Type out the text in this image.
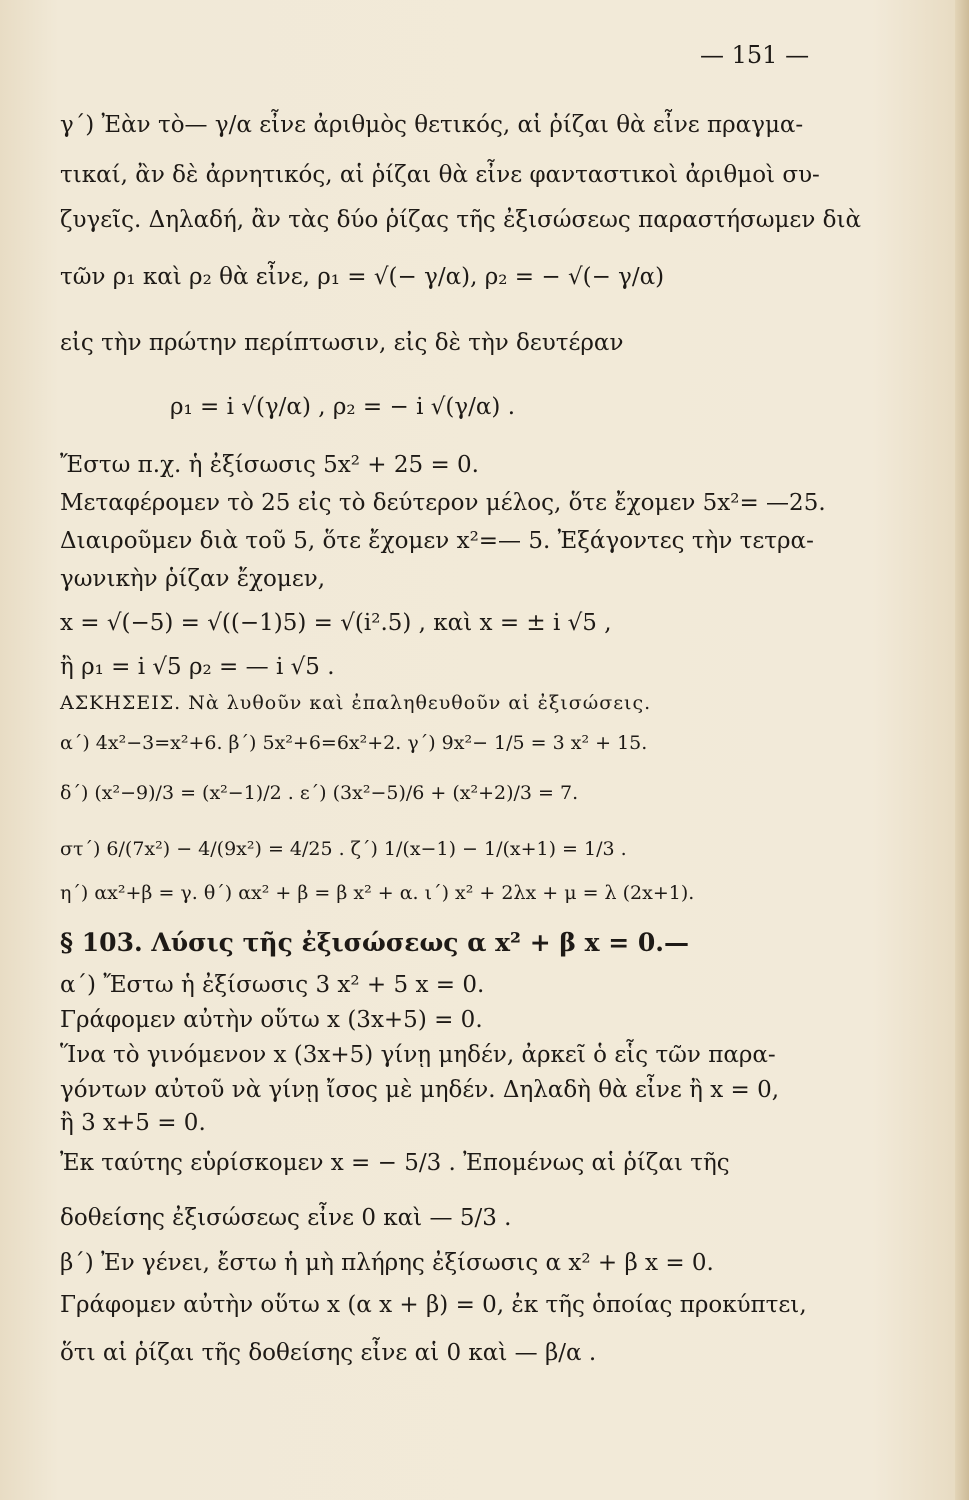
— 151 —
γ΄) Ἐὰν τὸ— γ/α εἶνε ἀριθμὸς θετικός, αἱ ῥίζαι θὰ εἶνε πραγμα-
τικαί, ἂν δὲ ἀρνητικός, αἱ ῥίζαι θὰ εἶνε φανταστικοὶ ἀριθμοὶ συ-
ζυγεῖς. Δηλαδή, ἂν τὰς δύο ῥίζας τῆς ἐξισώσεως παραστήσωμεν διὰ
τῶν ρ₁ καὶ ρ₂ θὰ εἶνε, ρ₁ = √(− γ/α), ρ₂ = − √(− γ/α)
εἰς τὴν πρώτην περίπτωσιν, εἰς δὲ τὴν δευτέραν
ρ₁ = i √(γ/α) , ρ₂ = − i √(γ/α) .
Ἔστω π.χ. ἡ ἐξίσωσις 5x² + 25 = 0.
Μεταφέρομεν τὸ 25 εἰς τὸ δεύτερον μέλος, ὅτε ἔχομεν 5x²= —25.
Διαιροῦμεν διὰ τοῦ 5, ὅτε ἔχομεν x²=— 5. Ἐξάγοντες τὴν τετρα-
γωνικὴν ῥίζαν ἔχομεν,
x = √(−5) = √((−1)5) = √(i².5) , καὶ x = ± i √5 ,
ἢ ρ₁ = i √5 ρ₂ = — i √5 .
ΑΣΚΗΣΕΙΣ. Νὰ λυθοῦν καὶ ἐπαληθευθοῦν αἱ ἐξισώσεις.
α΄) 4x²−3=x²+6. β΄) 5x²+6=6x²+2. γ΄) 9x²− 1/5 = 3 x² + 15.
δ΄) (x²−9)/3 = (x²−1)/2 . ε΄) (3x²−5)/6 + (x²+2)/3 = 7.
στ΄) 6/(7x²) − 4/(9x²) = 4/25 . ζ΄) 1/(x−1) − 1/(x+1) = 1/3 .
η΄) αx²+β = γ. θ΄) αx² + β = β x² + α. ι΄) x² + 2λx + μ = λ (2x+1).
§ 103. Λύσις τῆς ἐξισώσεως α x² + β x = 0.—
α΄) Ἔστω ἡ ἐξίσωσις 3 x² + 5 x = 0.
Γράφομεν αὐτὴν οὕτω x (3x+5) = 0.
Ἵνα τὸ γινόμενον x (3x+5) γίνῃ μηδέν, ἀρκεῖ ὁ εἷς τῶν παρα-
γόντων αὐτοῦ νὰ γίνῃ ἴσος μὲ μηδέν. Δηλαδὴ θὰ εἶνε ἢ x = 0,
ἢ 3 x+5 = 0.
Ἐκ ταύτης εὑρίσκομεν x = − 5/3 . Ἐπομένως αἱ ῥίζαι τῆς
δοθείσης ἐξισώσεως εἶνε 0 καὶ — 5/3 .
β΄) Ἐν γένει, ἔστω ἡ μὴ πλήρης ἐξίσωσις α x² + β x = 0.
Γράφομεν αὐτὴν οὕτω x (α x + β) = 0, ἐκ τῆς ὁποίας προκύπτει,
ὅτι αἱ ῥίζαι τῆς δοθείσης εἶνε αἱ 0 καὶ — β/α .
